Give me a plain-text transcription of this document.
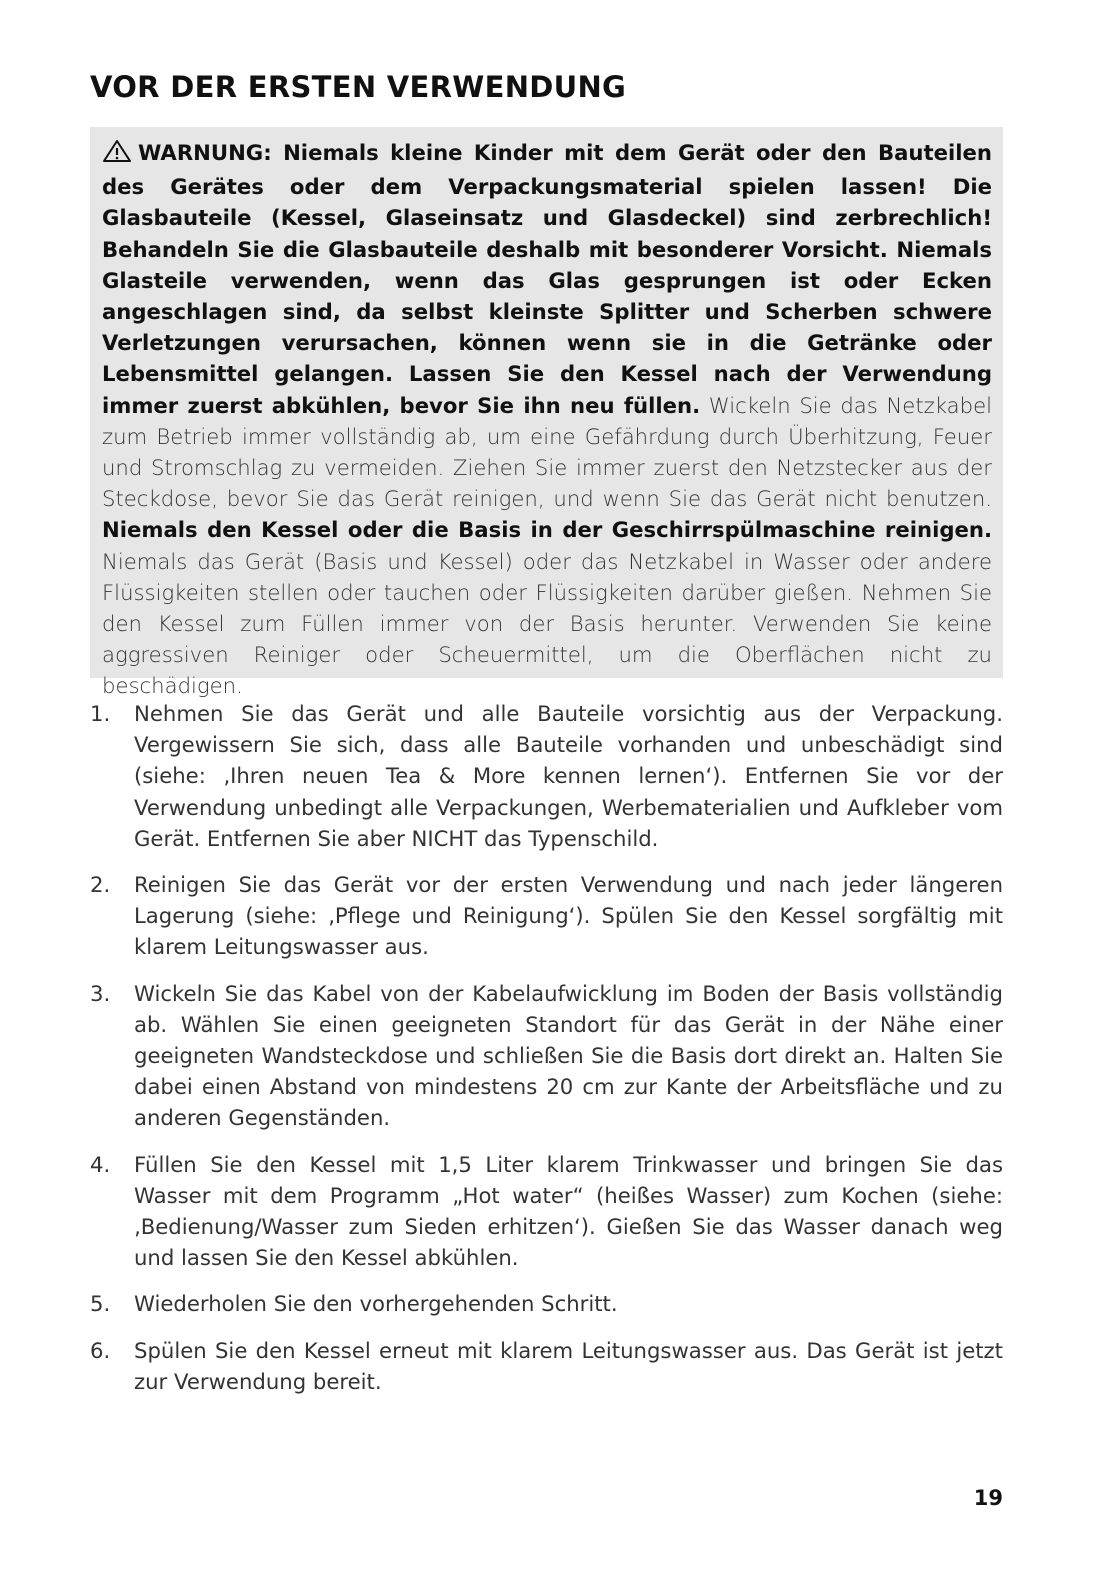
VOR DER ERSTEN VERWENDUNG
WARNUNG: Niemals kleine Kinder mit dem Gerät oder den Bauteilen des Gerätes oder dem Verpackungsmaterial spielen lassen! Die Glasbauteile (Kessel, Glaseinsatz und Glasdeckel) sind zerbrechlich! Behandeln Sie die Glasbauteile deshalb mit besonderer Vorsicht. Niemals Glasteile verwenden, wenn das Glas gesprungen ist oder Ecken angeschlagen sind, da selbst kleinste Splitter und Scherben schwere Verletzungen verursachen, können wenn sie in die Getränke oder Lebensmittel gelangen. Lassen Sie den Kessel nach der Verwendung immer zuerst abkühlen, bevor Sie ihn neu füllen. Wickeln Sie das Netzkabel zum Betrieb immer vollständig ab, um eine Gefährdung durch Überhitzung, Feuer und Stromschlag zu vermeiden. Ziehen Sie immer zuerst den Netzstecker aus der Steckdose, bevor Sie das Gerät reinigen, und wenn Sie das Gerät nicht benutzen. Niemals den Kessel oder die Basis in der Geschirrspülmaschine reinigen. Niemals das Gerät (Basis und Kessel) oder das Netzkabel in Wasser oder andere Flüssigkeiten stellen oder tauchen oder Flüssigkeiten darüber gießen. Nehmen Sie den Kessel zum Füllen immer von der Basis herunter. Verwenden Sie keine aggressiven Reiniger oder Scheuermittel, um die Oberflächen nicht zu beschädigen.
1. Nehmen Sie das Gerät und alle Bauteile vorsichtig aus der Verpackung. Vergewissern Sie sich, dass alle Bauteile vorhanden und unbeschädigt sind (siehe: ‚Ihren neuen Tea & More kennen lernen‘). Entfernen Sie vor der Verwendung unbedingt alle Verpackungen, Werbematerialien und Aufkleber vom Gerät. Entfernen Sie aber NICHT das Typenschild.
2. Reinigen Sie das Gerät vor der ersten Verwendung und nach jeder längeren Lagerung (siehe: ‚Pflege und Reinigung‘). Spülen Sie den Kessel sorgfältig mit klarem Leitungswasser aus.
3. Wickeln Sie das Kabel von der Kabelaufwicklung im Boden der Basis vollständig ab. Wählen Sie einen geeigneten Standort für das Gerät in der Nähe einer geeigneten Wandsteckdose und schließen Sie die Basis dort direkt an. Halten Sie dabei einen Abstand von mindestens 20 cm zur Kante der Arbeitsfläche und zu anderen Gegenständen.
4. Füllen Sie den Kessel mit 1,5 Liter klarem Trinkwasser und bringen Sie das Wasser mit dem Programm „Hot water“ (heißes Wasser) zum Kochen (siehe: ‚Bedienung/Wasser zum Sieden erhitzen‘). Gießen Sie das Wasser danach weg und lassen Sie den Kessel abkühlen.
5. Wiederholen Sie den vorhergehenden Schritt.
6. Spülen Sie den Kessel erneut mit klarem Leitungswasser aus. Das Gerät ist jetzt zur Verwendung bereit.
19
